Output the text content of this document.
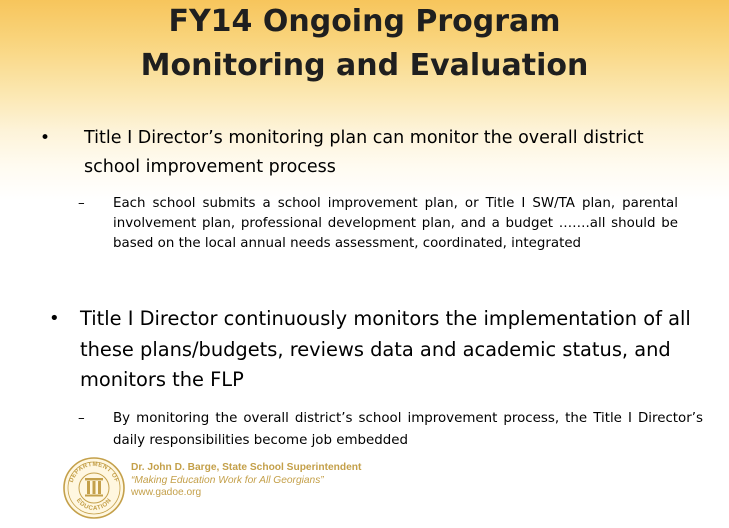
FY14 Ongoing Program
Monitoring and Evaluation
• Title I Director’s monitoring plan can monitor the overall district school improvement process
– Each school submits a school improvement plan, or Title I SW/TA plan, parental involvement plan, professional development plan, and a budget …….all should be based on the local annual needs assessment, coordinated, integrated
• Title I Director continuously monitors the implementation of all these plans/budgets, reviews data and academic status, and monitors the FLP
– By monitoring the overall district’s school improvement process, the Title I Director’s daily responsibilities become job embedded
DEPARTMENT OF
EDUCATION
Dr. John D. Barge, State School Superintendent
“Making Education Work for All Georgians”
www.gadoe.org
